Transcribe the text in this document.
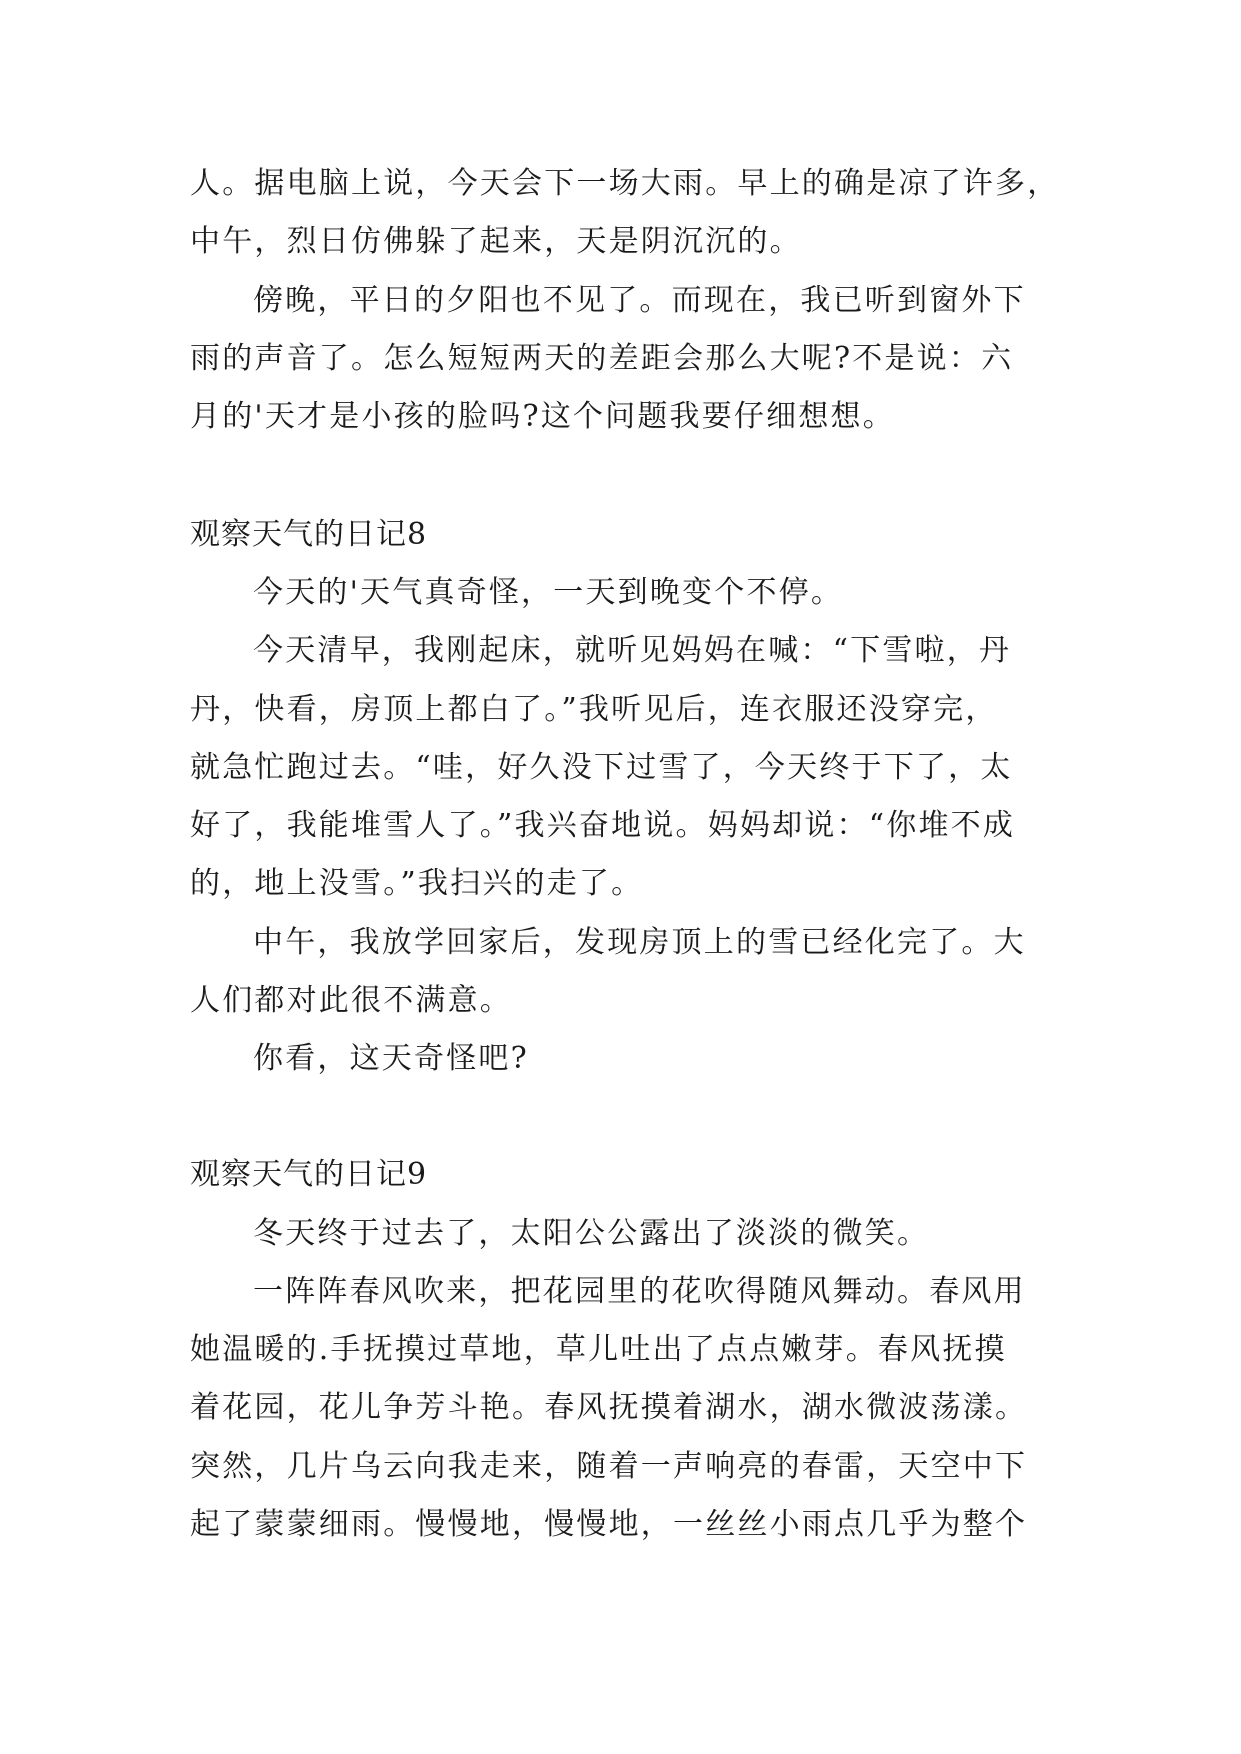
人。据电脑上说，今天会下一场大雨。早上的确是凉了许多，
中午，烈日仿佛躲了起来，天是阴沉沉的。
傍晚，平日的夕阳也不见了。而现在，我已听到窗外下
雨的声音了。怎么短短两天的差距会那么大呢?不是说：六
月的'天才是小孩的脸吗?这个问题我要仔细想想。
观察天气的日记8
今天的'天气真奇怪，一天到晚变个不停。
今天清早，我刚起床，就听见妈妈在喊：“下雪啦，丹
丹，快看，房顶上都白了。”我听见后，连衣服还没穿完，
就急忙跑过去。“哇，好久没下过雪了，今天终于下了，太
好了，我能堆雪人了。”我兴奋地说。妈妈却说：“你堆不成
的，地上没雪。”我扫兴的走了。
中午，我放学回家后，发现房顶上的雪已经化完了。大
人们都对此很不满意。
你看，这天奇怪吧?
观察天气的日记9
冬天终于过去了，太阳公公露出了淡淡的微笑。
一阵阵春风吹来，把花园里的花吹得随风舞动。春风用
她温暖的.手抚摸过草地，草儿吐出了点点嫩芽。春风抚摸
着花园，花儿争芳斗艳。春风抚摸着湖水，湖水微波荡漾。
突然，几片乌云向我走来，随着一声响亮的春雷，天空中下
起了蒙蒙细雨。慢慢地，慢慢地，一丝丝小雨点几乎为整个
